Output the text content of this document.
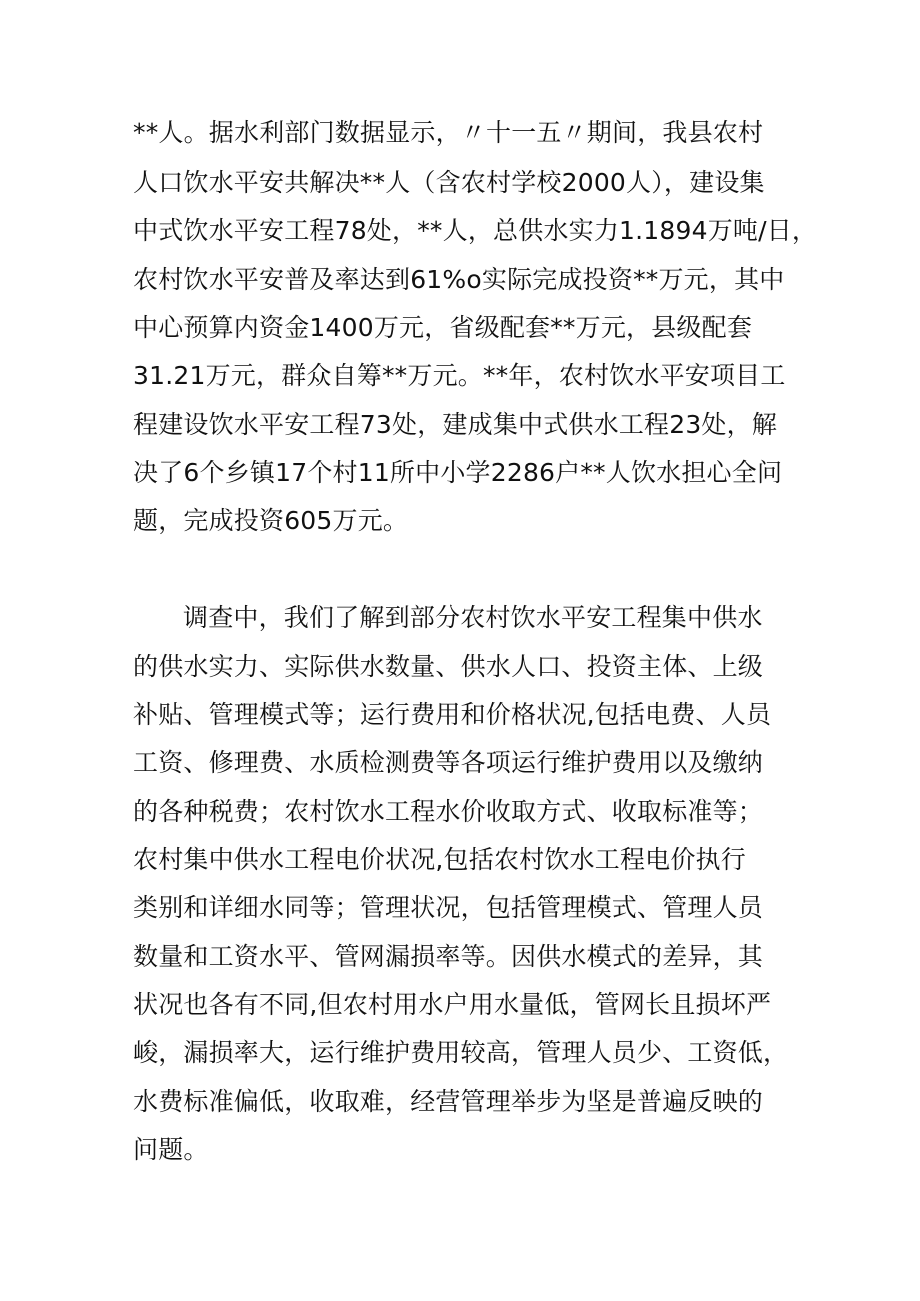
**人。据水利部门数据显示，〃十一五〃期间，我县农村
人口饮水平安共解决**人（含农村学校2000人），建设集
中式饮水平安工程78处，**人，总供水实力1.1894万吨/日，
农村饮水平安普及率达到61%o实际完成投资**万元，其中
中心预算内资金1400万元，省级配套**万元，县级配套
31.21万元，群众自筹**万元。**年，农村饮水平安项目工
程建设饮水平安工程73处，建成集中式供水工程23处，解
决了6个乡镇17个村11所中小学2286户**人饮水担心全问
题，完成投资605万元。
调查中，我们了解到部分农村饮水平安工程集中供水
的供水实力、实际供水数量、供水人口、投资主体、上级
补贴、管理模式等；运行费用和价格状况,包括电费、人员
工资、修理费、水质检测费等各项运行维护费用以及缴纳
的各种税费；农村饮水工程水价收取方式、收取标准等；
农村集中供水工程电价状况,包括农村饮水工程电价执行
类别和详细水同等；管理状况，包括管理模式、管理人员
数量和工资水平、管网漏损率等。因供水模式的差异，其
状况也各有不同,但农村用水户用水量低，管网长且损坏严
峻，漏损率大，运行维护费用较高，管理人员少、工资低，
水费标准偏低，收取难，经营管理举步为坚是普遍反映的
问题。
